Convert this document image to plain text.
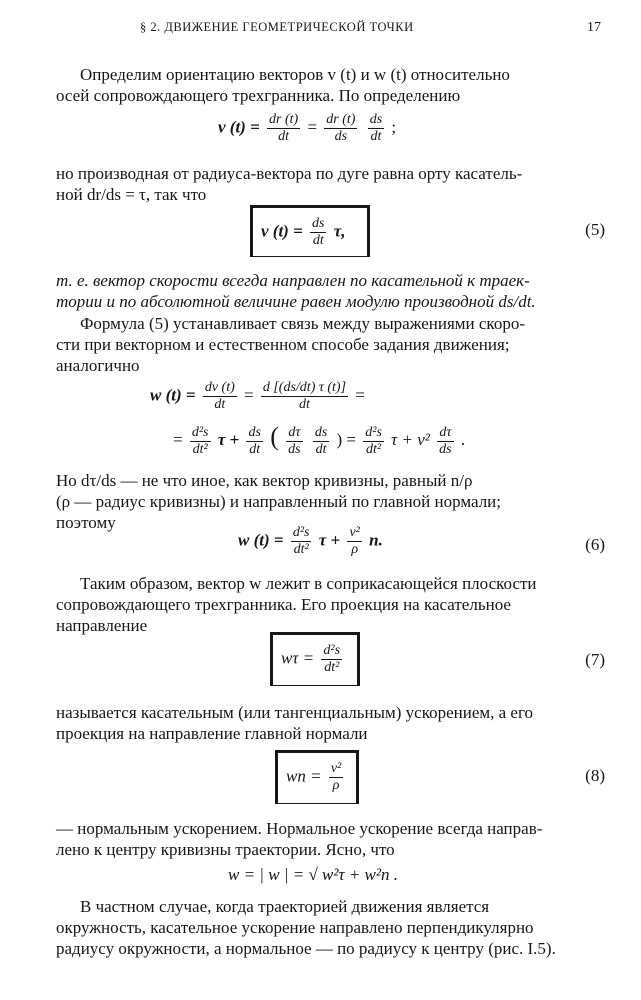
§ 2. ДВИЖЕНИЕ ГЕОМЕТРИЧЕСКОЙ ТОЧКИ	17
Определим ориентацию векторов v (t) и w (t) относительно
осей сопровождающего трехгранника. По определению
v $(t) = \frac{dr (t)}{dt} = \frac{dr (t)}{ds}$
$\frac{ds}{dt}$ ;
но производная от радиуса-вектора по дуге равна орту касатель-
ной dr/ds = τ, так что
v $(t) = \frac{ds}{dt} \tau$,	(5)
т. е. вектор скорости всегда направлен по касательной к траек-
тории и по абсолютной величине равен модулю производной ds/dt.
Формула (5) устанавливает связь между выражениями скоро-
сти при векторном и естественном способе задания движения;
аналогично
w $(t) = \frac{dv (t)}{dt} = \frac{d [(ds/dt) \tau (t)]}{dt}$ =
= $\frac{\text{d²s}}{\text{dt²}}$ $\tau + \frac{ds}{dt}$ ( $\frac{d\tau}{ds}$
$\frac{ds}{dt}$ ) = $\frac{\text{d²s}}{\text{dt²}}$ $\tau + v^2 \frac{d\tau}{ds}$ .
Но dτ/ds — не что иное, как вектор кривизны, равный n/ρ
(ρ — радиус кривизны) и направленный по главной нормали;
поэтому
w $(t) = \frac{\text{d²s}}{\text{dt²}}$ $\tau + \frac{\text{v²}}{\rho} n$.	(6)
Таким образом, вектор w лежит в соприкасающейся плоскости
сопровождающего трехгранника. Его проекция на касательное
направление
$w\tau = \frac{\text{d²s}}{\text{dt²}}$	(7)
называется касательным (или тангенциальным) ускорением, а его
проекция на направление главной нормали
wn = $\frac{\text{v²}}{\rho}$	(8)
— нормальным ускорением. Нормальное ускорение всегда направ-
лено к центру кривизны траектории. Ясно, что
w = | w | = √ w²τ + w²n .
В частном случае, когда траекторией движения является
окружность, касательное ускорение направлено перпендикулярно
радиусу окружности, а нормальное — по радиусу к центру (рис. I.5).
